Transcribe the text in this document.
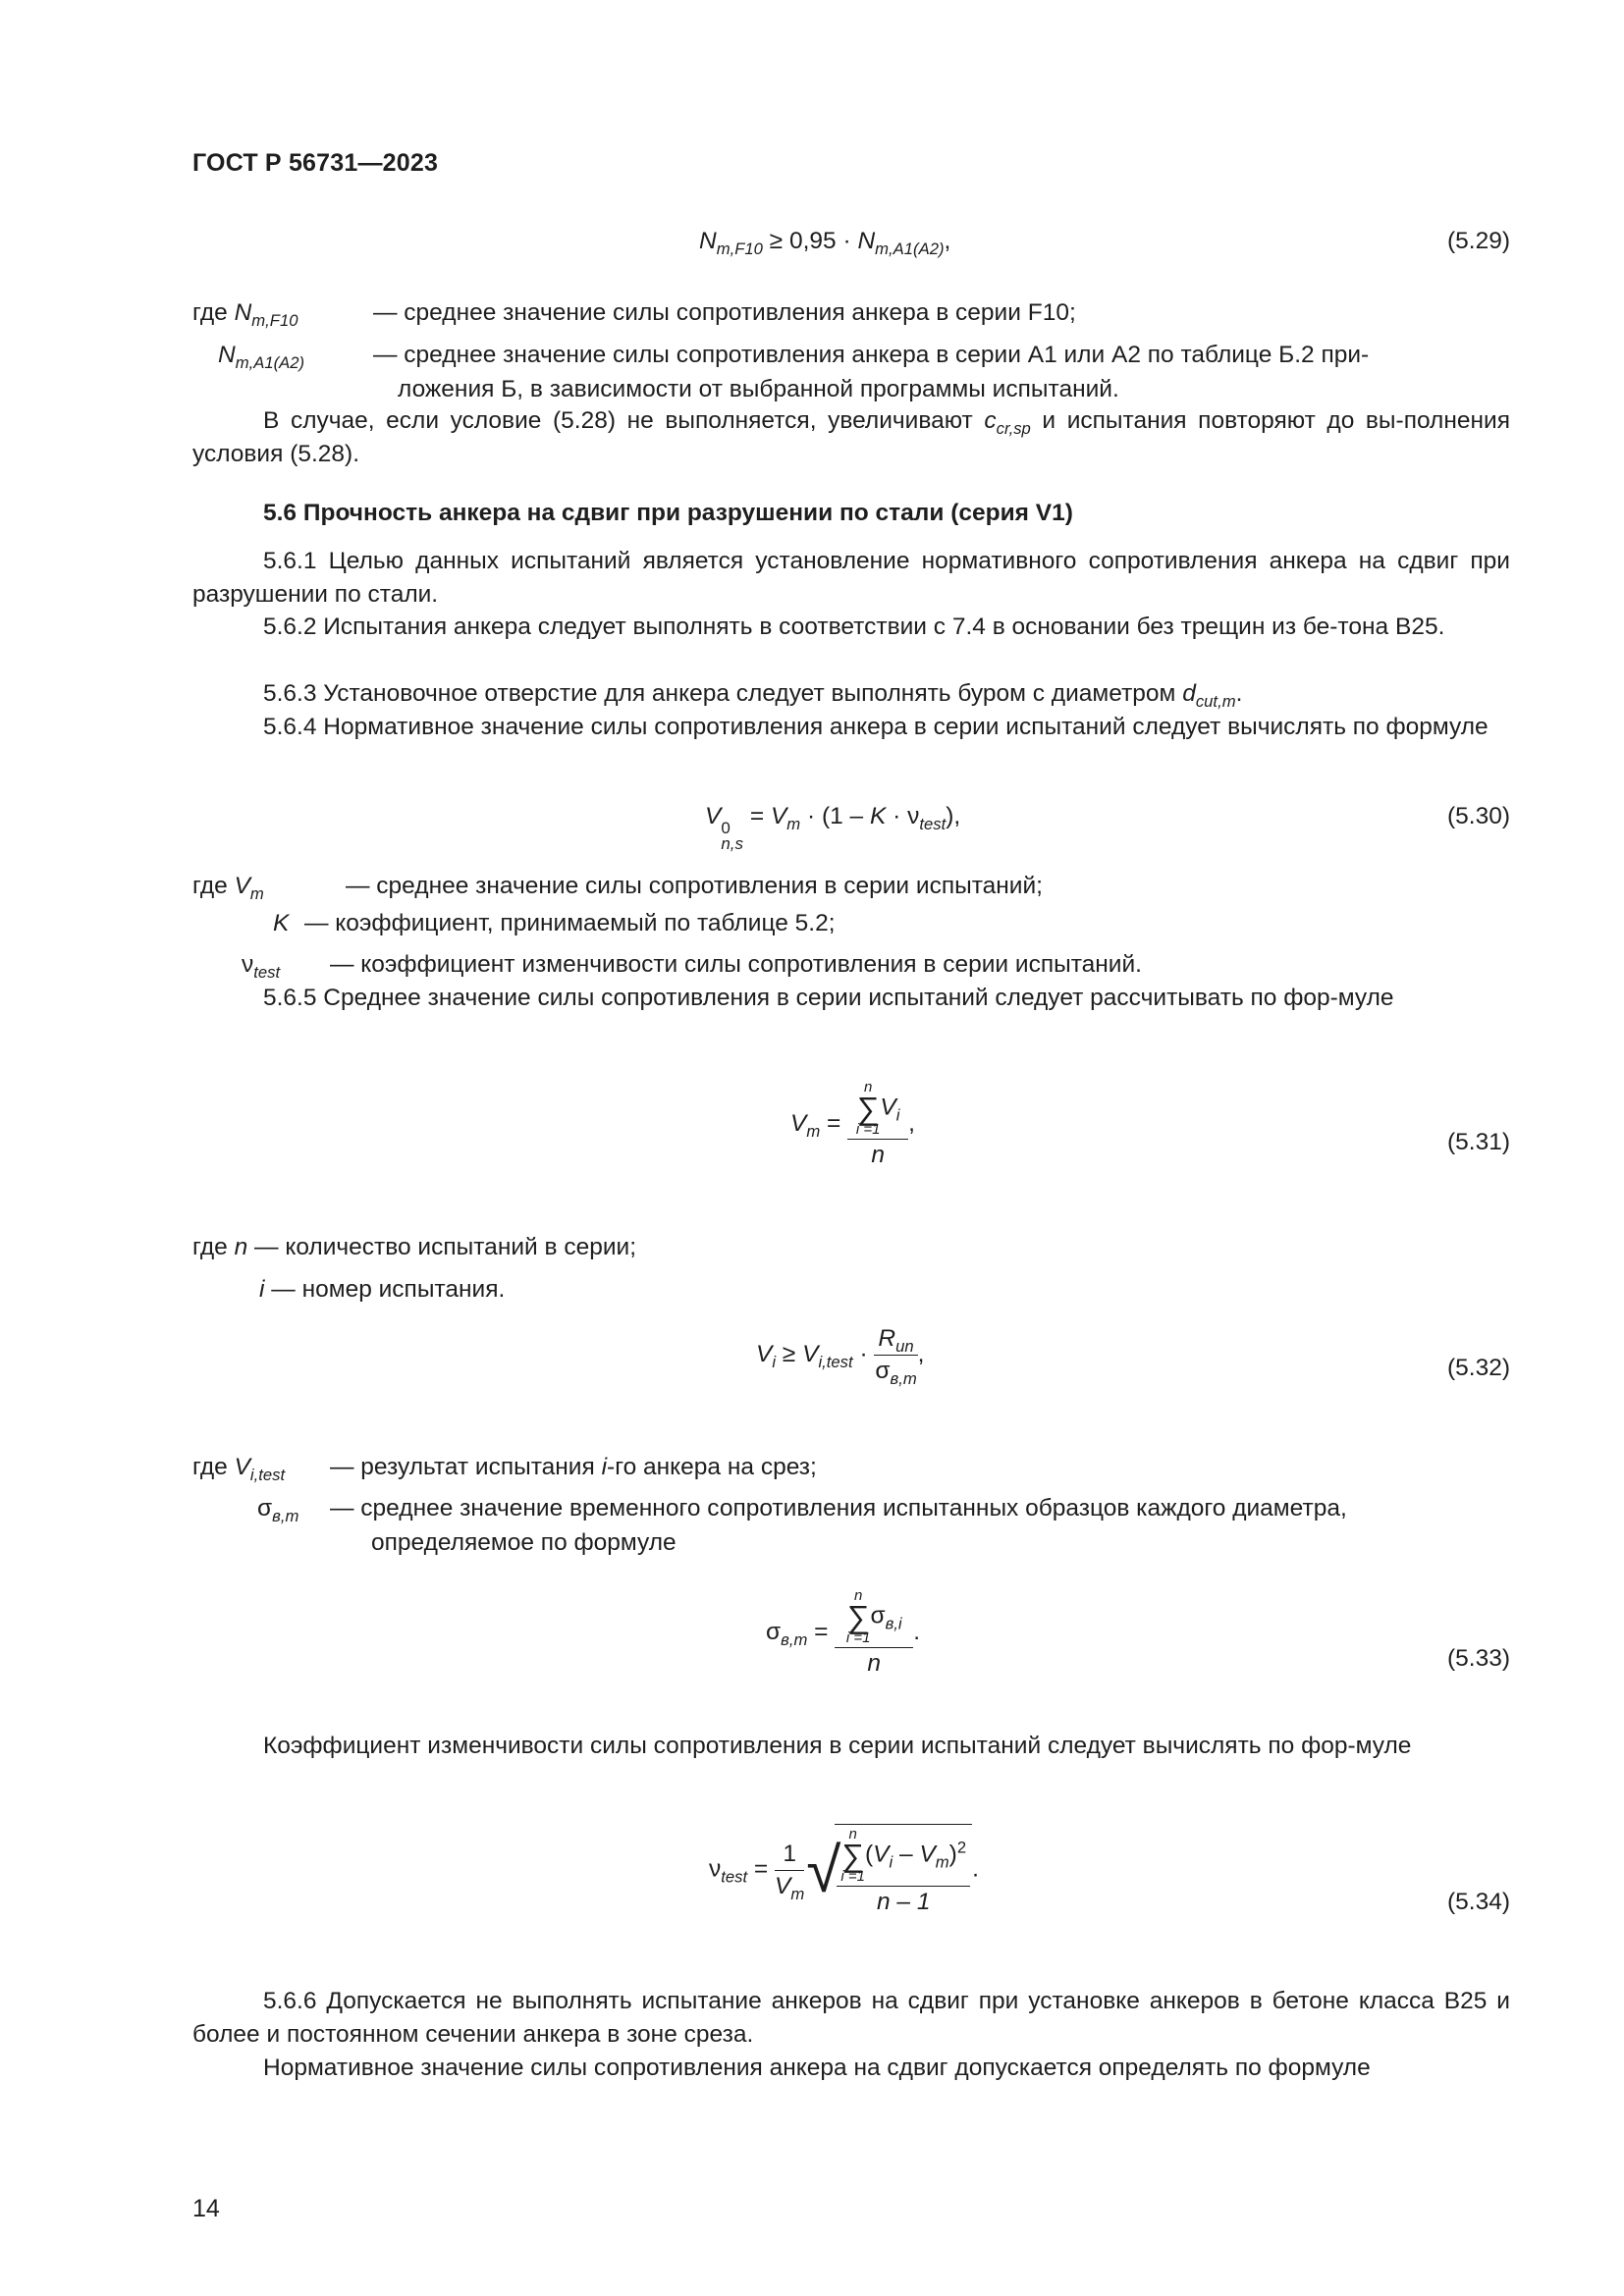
ГОСТ Р 56731—2023
$N_{m,F10} \ge 0,95 \cdot N_{m,A1(A2)}$,	(5.29)
где $N_{m,F10}$	— среднее значение силы сопротивления анкера в серии F10;
$N_{m,A1(A2)}$	— среднее значение силы сопротивления анкера в серии А1 или А2 по таблице Б.2 при-
ложения Б, в зависимости от выбранной программы испытаний.
В случае, если условие (5.28) не выполняется, увеличивают $c_{cr,sp}$ и испытания повторяют до вы-полнения условия (5.28).
5.6 Прочность анкера на сдвиг при разрушении по стали (серия V1)
5.6.1 Целью данных испытаний является установление нормативного сопротивления анкера на сдвиг при разрушении по стали.
5.6.2 Испытания анкера следует выполнять в соответствии с 7.4 в основании без трещин из бе-тона В25.
5.6.3 Установочное отверстие для анкера следует выполнять буром с диаметром $d_{cut,m}$.
5.6.4 Нормативное значение силы сопротивления анкера в серии испытаний следует вычислять по формуле
V 0
n,s
= $V_m \cdot (1 - K \cdot \nu_{test})$,	(5.30)
где $V_m$	— среднее значение силы сопротивления в серии испытаний;
K — коэффициент, принимаемый по таблице 5.2;
$\nu_{test}$ — коэффициент изменчивости силы сопротивления в серии испытаний.
5.6.5 Среднее значение силы сопротивления в серии испытаний следует рассчитывать по фор-муле
$V_m = n$
∑
i =1
$V_i$
n ,
(5.31)
где n — количество испытаний в серии;
i — номер испытания.
$V_i \ge V_{i,test} \cdot \frac{R_{un}}{\sigma_{в,m}}$ ,
(5.32)
где $V_{i,test}$ — результат испытания i-го анкера на срез;
$\sigma_{в,m}$ — среднее значение временного сопротивления испытанных образцов каждого диаметра,
определяемое по формуле
$\sigma_{в,m} = n$
∑
i =1
$\sigma_{в,i}$
n .
(5.33)
Коэффициент изменчивости силы сопротивления в серии испытаний следует вычислять по фор-муле
$\nu_{test} = \frac{1}{V_m}$ √
n
∑
i =1
$(V_i - V_m)^2$
n – 1 .
(5.34)
5.6.6 Допускается не выполнять испытание анкеров на сдвиг при установке анкеров в бетоне класса В25 и более и постоянном сечении анкера в зоне среза.
Нормативное значение силы сопротивления анкера на сдвиг допускается определять по формуле
14
